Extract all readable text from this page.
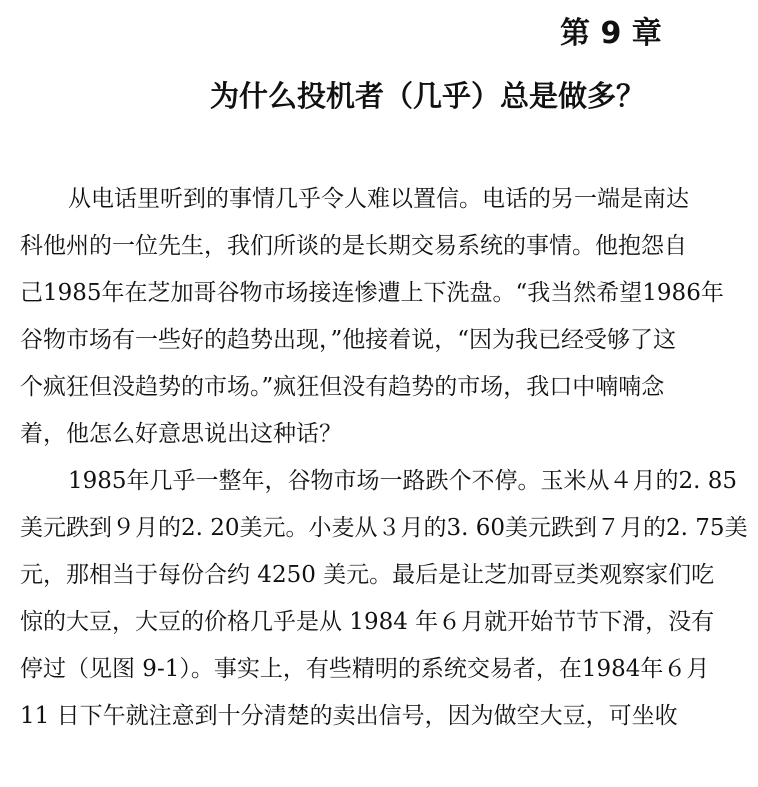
第 9 章
为什么投机者（几乎）总是做多？
从电话里听到的事情几乎令人难以置信。电话的另一端是南达
科他州的一位先生，我们所谈的是长期交易系统的事情。他抱怨自
己1985年在芝加哥谷物市场接连惨遭上下洗盘。“我当然希望1986年
谷物市场有一些好的趋势出现，”他接着说，“因为我已经受够了这
个疯狂但没趋势的市场。”疯狂但没有趋势的市场，我口中喃喃念
着，他怎么好意思说出这种话？
1985年几乎一整年，谷物市场一路跌个不停。玉米从４月的2. 85
美元跌到９月的2. 20美元。小麦从３月的3. 60美元跌到７月的2. 75美
元，那相当于每份合约 4250 美元。最后是让芝加哥豆类观察家们吃
惊的大豆，大豆的价格几乎是从 1984 年６月就开始节节下滑，没有
停过（见图 9-1）。事实上，有些精明的系统交易者，在1984年６月
11 日下午就注意到十分清楚的卖出信号，因为做空大豆，可坐收
